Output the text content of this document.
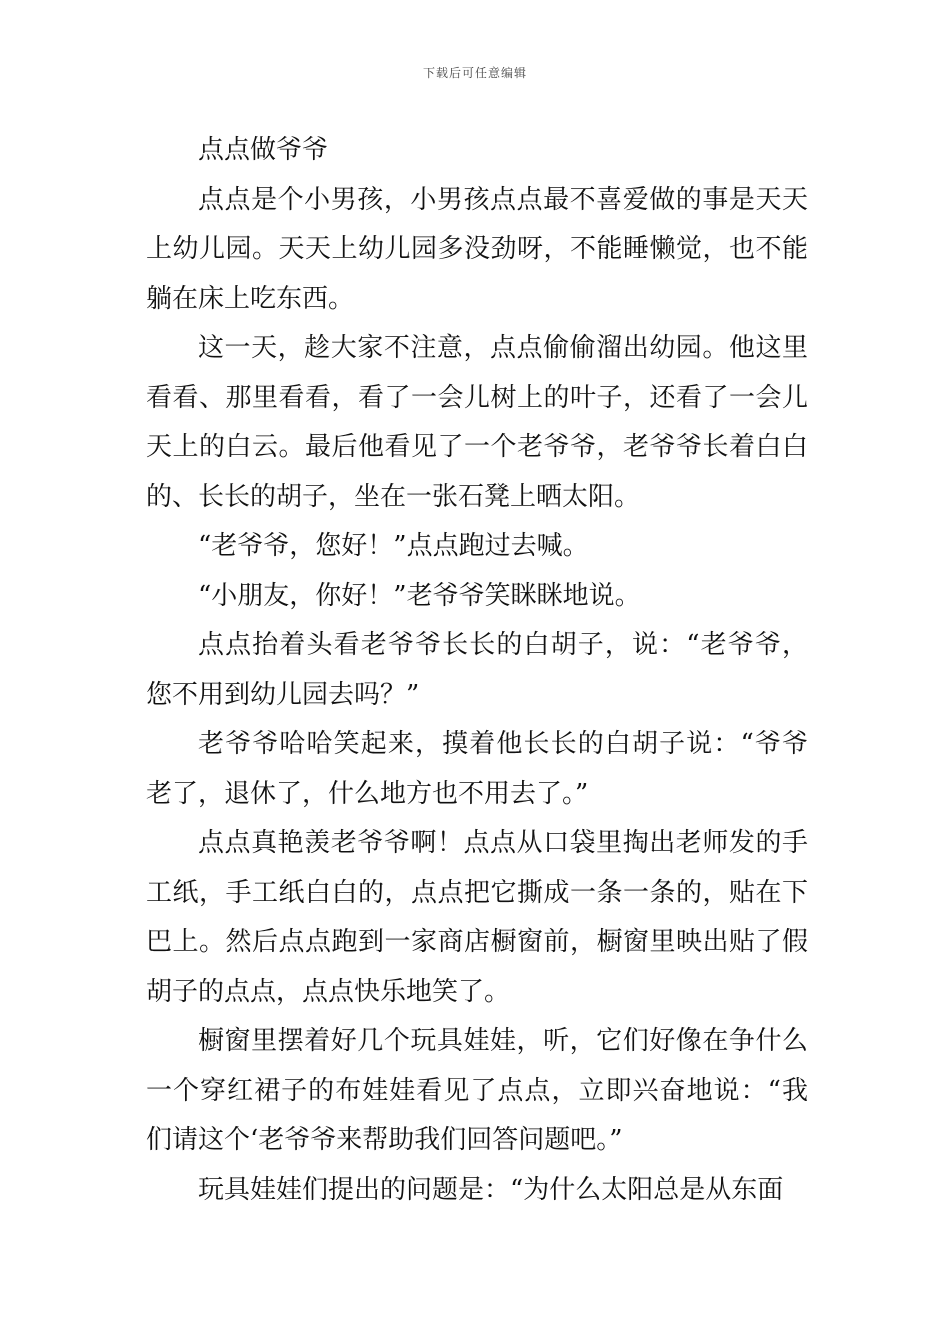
下载后可任意编辑

点点做爷爷

点点是个小男孩，小男孩点点最不喜爱做的事是天天上幼儿园。天天上幼儿园多没劲呀，不能睡懒觉，也不能躺在床上吃东西。

这一天，趁大家不注意，点点偷偷溜出幼园。他这里看看、那里看看，看了一会儿树上的叶子，还看了一会儿天上的白云。最后他看见了一个老爷爷，老爷爷长着白白的、长长的胡子，坐在一张石凳上晒太阳。

“老爷爷，您好！”点点跑过去喊。

“小朋友，你好！”老爷爷笑眯眯地说。

点点抬着头看老爷爷长长的白胡子，说：“老爷爷，您不用到幼儿园去吗？”

老爷爷哈哈笑起来，摸着他长长的白胡子说：“爷爷老了，退休了，什么地方也不用去了。”

点点真艳羡老爷爷啊！点点从口袋里掏出老师发的手工纸，手工纸白白的，点点把它撕成一条一条的，贴在下巴上。然后点点跑到一家商店橱窗前，橱窗里映出贴了假胡子的点点，点点快乐地笑了。

橱窗里摆着好几个玩具娃娃，听，它们好像在争什么一个穿红裙子的布娃娃看见了点点，立即兴奋地说：“我们请这个‘老爷爷来帮助我们回答问题吧。”

玩具娃娃们提出的问题是：“为什么太阳总是从东面
